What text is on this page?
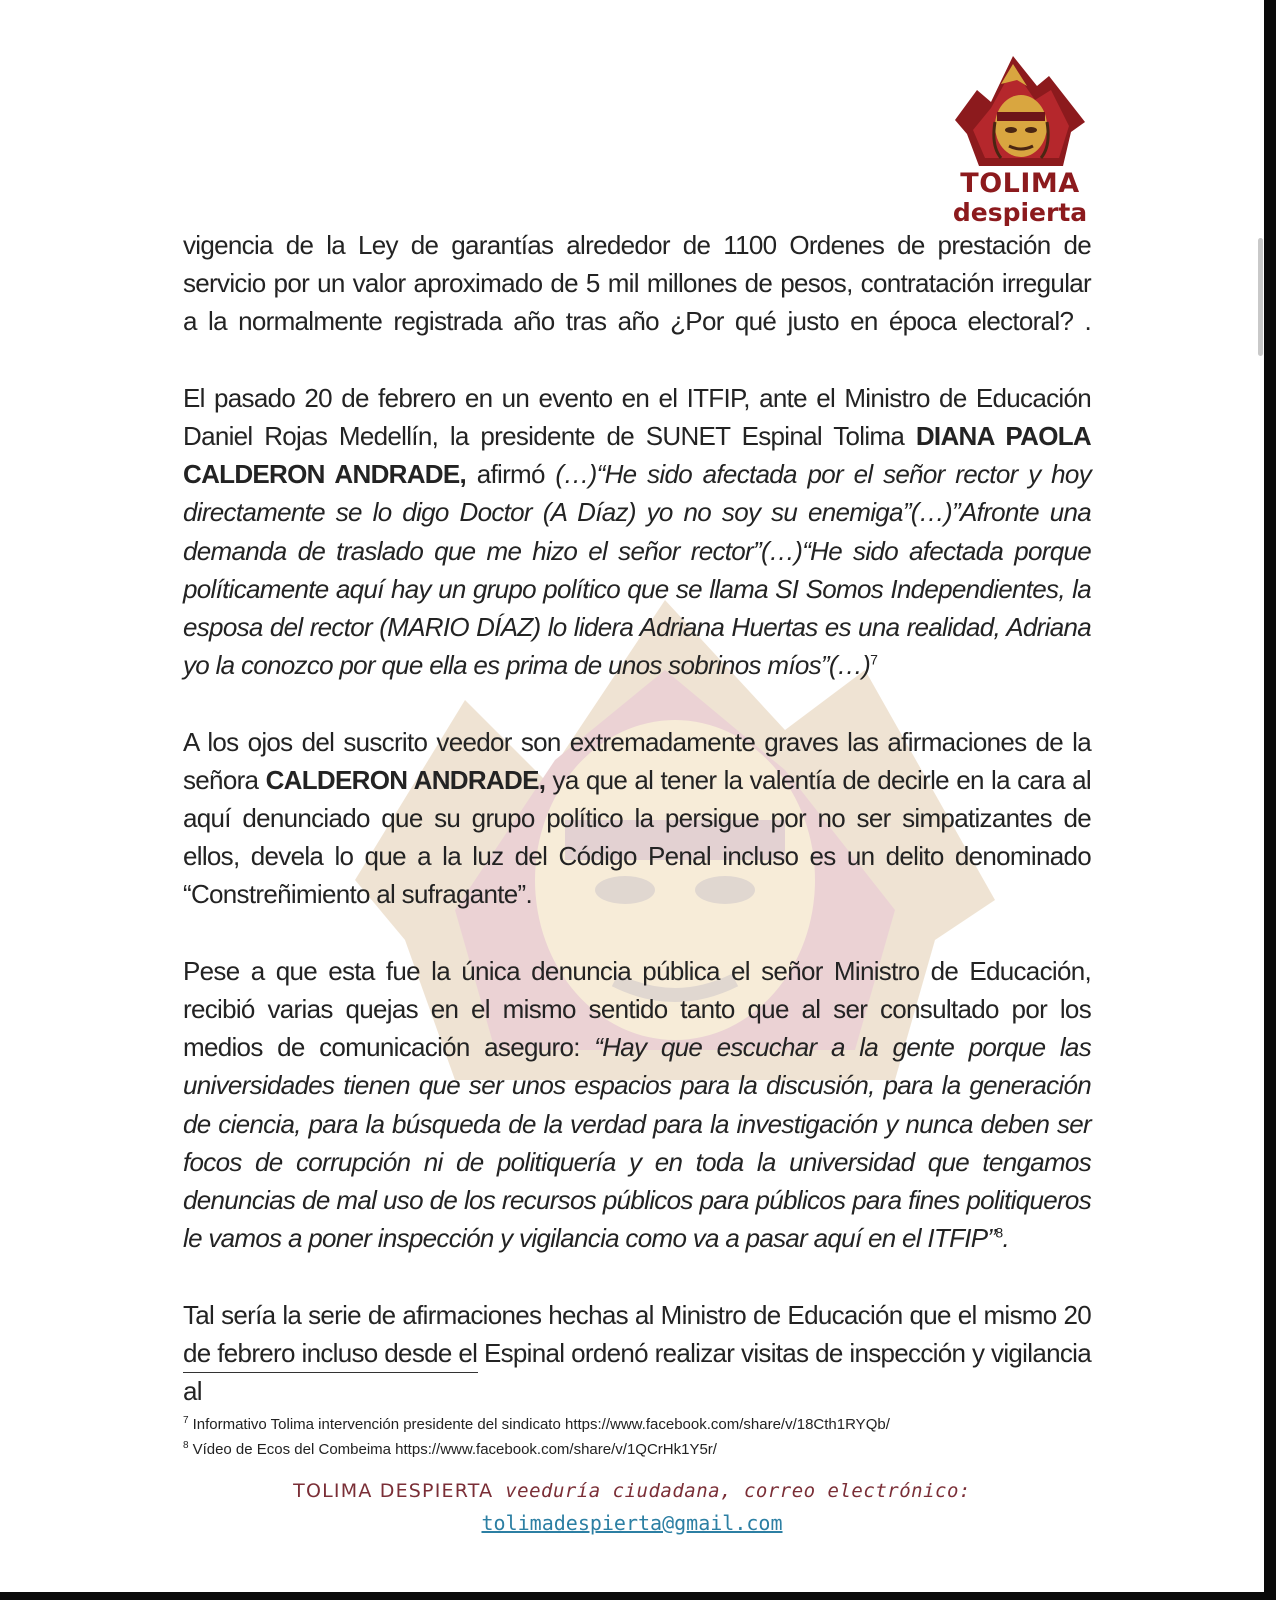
TOLIMA
despierta

vigencia de la Ley de garantías alrededor de 1100 Ordenes de prestación de servicio por un valor aproximado de 5 mil millones de pesos, contratación irregular a la normalmente registrada año tras año ¿Por qué justo en época electoral? .

El pasado 20 de febrero en un evento en el ITFIP, ante el Ministro de Educación Daniel Rojas Medellín, la presidente de SUNET Espinal Tolima DIANA PAOLA CALDERON ANDRADE, afirmó (…)“He sido afectada por el señor rector y hoy directamente se lo digo Doctor (A Díaz) yo no soy su enemiga”(…)”Afronte una demanda de traslado que me hizo el señor rector”(…)“He sido afectada porque políticamente aquí hay un grupo político que se llama SI Somos Independientes, la esposa del rector (MARIO DÍAZ) lo lidera Adriana Huertas es una realidad, Adriana yo la conozco por que ella es prima de unos sobrinos míos”(…)$^7$

A los ojos del suscrito veedor son extremadamente graves las afirmaciones de la señora CALDERON ANDRADE, ya que al tener la valentía de decirle en la cara al aquí denunciado que su grupo político la persigue por no ser simpatizantes de ellos, devela lo que a la luz del Código Penal incluso es un delito denominado “Constreñimiento al sufragante”.

Pese a que esta fue la única denuncia pública el señor Ministro de Educación, recibió varias quejas en el mismo sentido tanto que al ser consultado por los medios de comunicación aseguro: “Hay que escuchar a la gente porque las universidades tienen que ser unos espacios para la discusión, para la generación de ciencia, para la búsqueda de la verdad para la investigación y nunca deben ser focos de corrupción ni de politiquería y en toda la universidad que tengamos denuncias de mal uso de los recursos públicos para públicos para fines politiqueros le vamos a poner inspección y vigilancia como va a pasar aquí en el ITFIP”$^8$.

Tal sería la serie de afirmaciones hechas al Ministro de Educación que el mismo 20 de febrero incluso desde el Espinal ordenó realizar visitas de inspección y vigilancia al

$^7$ Informativo Tolima intervención presidente del sindicato https://www.facebook.com/share/v/18Cth1RYQb/
$^8$ Vídeo de Ecos del Combeima https://www.facebook.com/share/v/1QCrHk1Y5r/
TOLIMA DESPIERTA veeduría ciudadana, correo electrónico:
tolimadespierta@gmail.com
